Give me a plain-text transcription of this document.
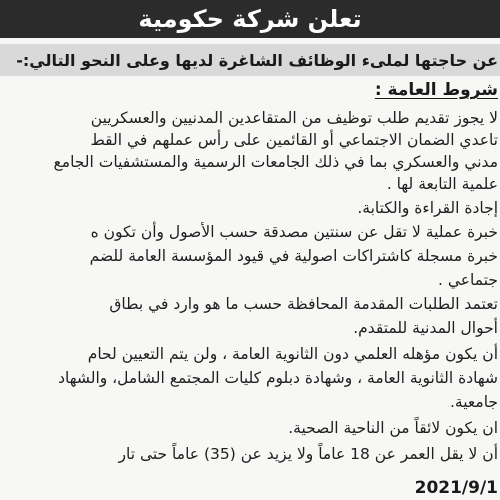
تعلن شركة حكومية
عن حاجتها لملىء الوظائف الشاغرة لديها وعلى النحو التالي:-
شروط العامة :
لا يجوز تقديم طلب توظيف من المتقاعدين المدنيين والعسكريين
تاعدي الضمان الاجتماعي أو القائمين على رأس عملهم في القط
مدني والعسكري بما في ذلك الجامعات الرسمية والمستشفيات الجامع
علمية التابعة لها .
إجادة القراءة والكتابة.
خبرة عملية لا تقل عن سنتين مصدقة حسب الأصول وأن تكون ه
خبرة مسجلة كاشتراكات اصولية في قيود المؤسسة العامة للضم
جتماعي .
تعتمد الطلبات المقدمة المحافظة حسب ما هو وارد في بطاق
أحوال المدنية للمتقدم.
أن يكون مؤهله العلمي دون الثانوية العامة ، ولن يتم التعيين لحام
شهادة الثانوية العامة ، وشهادة دبلوم كليات المجتمع الشامل، والشهاد
جامعية.
ان يكون لائقاً من الناحية الصحية.
أن لا يقل العمر عن 18 عاماً ولا يزيد عن (35) عاماً حتى تار
2021/9/1
